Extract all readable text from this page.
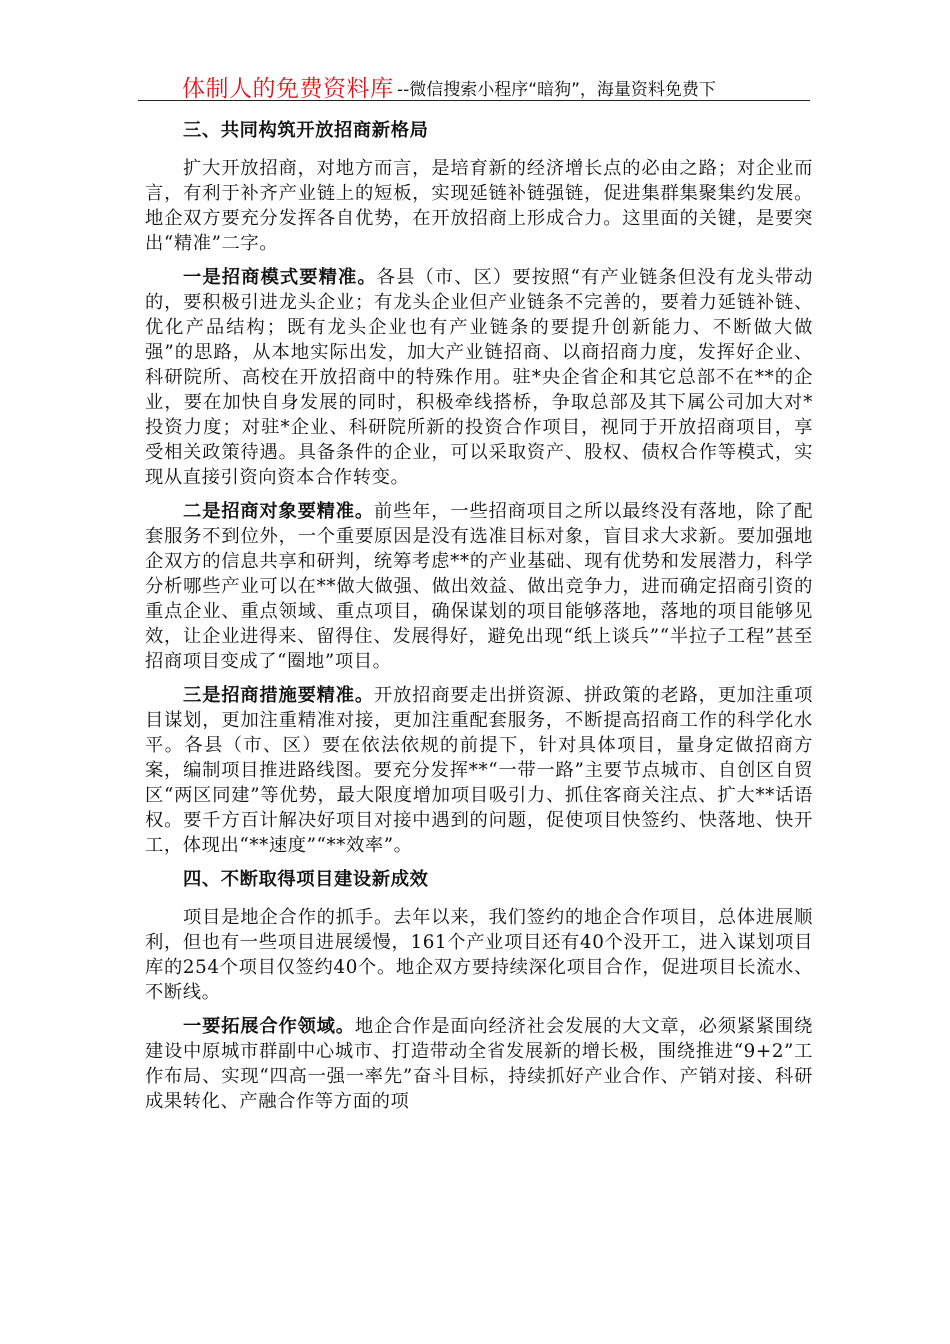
体制人的免费资料库 --微信搜索小程序“暗狗”，海量资料免费下

三、共同构筑开放招商新格局

扩大开放招商，对地方而言，是培育新的经济增长点的必由之路；对企业而言，有利于补齐产业链上的短板，实现延链补链强链，促进集群集聚集约发展。地企双方要充分发挥各自优势，在开放招商上形成合力。这里面的关键，是要突出“精准”二字。

一是招商模式要精准。各县（市、区）要按照“有产业链条但没有龙头带动的，要积极引进龙头企业；有龙头企业但产业链条不完善的，要着力延链补链、优化产品结构；既有龙头企业也有产业链条的要提升创新能力、不断做大做强”的思路，从本地实际出发，加大产业链招商、以商招商力度，发挥好企业、科研院所、高校在开放招商中的特殊作用。驻*央企省企和其它总部不在**的企业，要在加快自身发展的同时，积极牵线搭桥，争取总部及其下属公司加大对*投资力度；对驻*企业、科研院所新的投资合作项目，视同于开放招商项目，享受相关政策待遇。具备条件的企业，可以采取资产、股权、债权合作等模式，实现从直接引资向资本合作转变。

二是招商对象要精准。前些年，一些招商项目之所以最终没有落地，除了配套服务不到位外，一个重要原因是没有选准目标对象，盲目求大求新。要加强地企双方的信息共享和研判，统筹考虑**的产业基础、现有优势和发展潜力，科学分析哪些产业可以在**做大做强、做出效益、做出竞争力，进而确定招商引资的重点企业、重点领域、重点项目，确保谋划的项目能够落地，落地的项目能够见效，让企业进得来、留得住、发展得好，避免出现“纸上谈兵”“半拉子工程”甚至招商项目变成了“圈地”项目。

三是招商措施要精准。开放招商要走出拼资源、拼政策的老路，更加注重项目谋划，更加注重精准对接，更加注重配套服务，不断提高招商工作的科学化水平。各县（市、区）要在依法依规的前提下，针对具体项目，量身定做招商方案，编制项目推进路线图。要充分发挥**“一带一路”主要节点城市、自创区自贸区“两区同建”等优势，最大限度增加项目吸引力、抓住客商关注点、扩大**话语权。要千方百计解决好项目对接中遇到的问题，促使项目快签约、快落地、快开工，体现出“**速度”“**效率”。

四、不断取得项目建设新成效

项目是地企合作的抓手。去年以来，我们签约的地企合作项目，总体进展顺利，但也有一些项目进展缓慢，161个产业项目还有40个没开工，进入谋划项目库的254个项目仅签约40个。地企双方要持续深化项目合作，促进项目长流水、不断线。

一要拓展合作领域。地企合作是面向经济社会发展的大文章，必须紧紧围绕建设中原城市群副中心城市、打造带动全省发展新的增长极，围绕推进“9+2”工作布局、实现“四高一强一率先”奋斗目标，持续抓好产业合作、产销对接、科研成果转化、产融合作等方面的项
